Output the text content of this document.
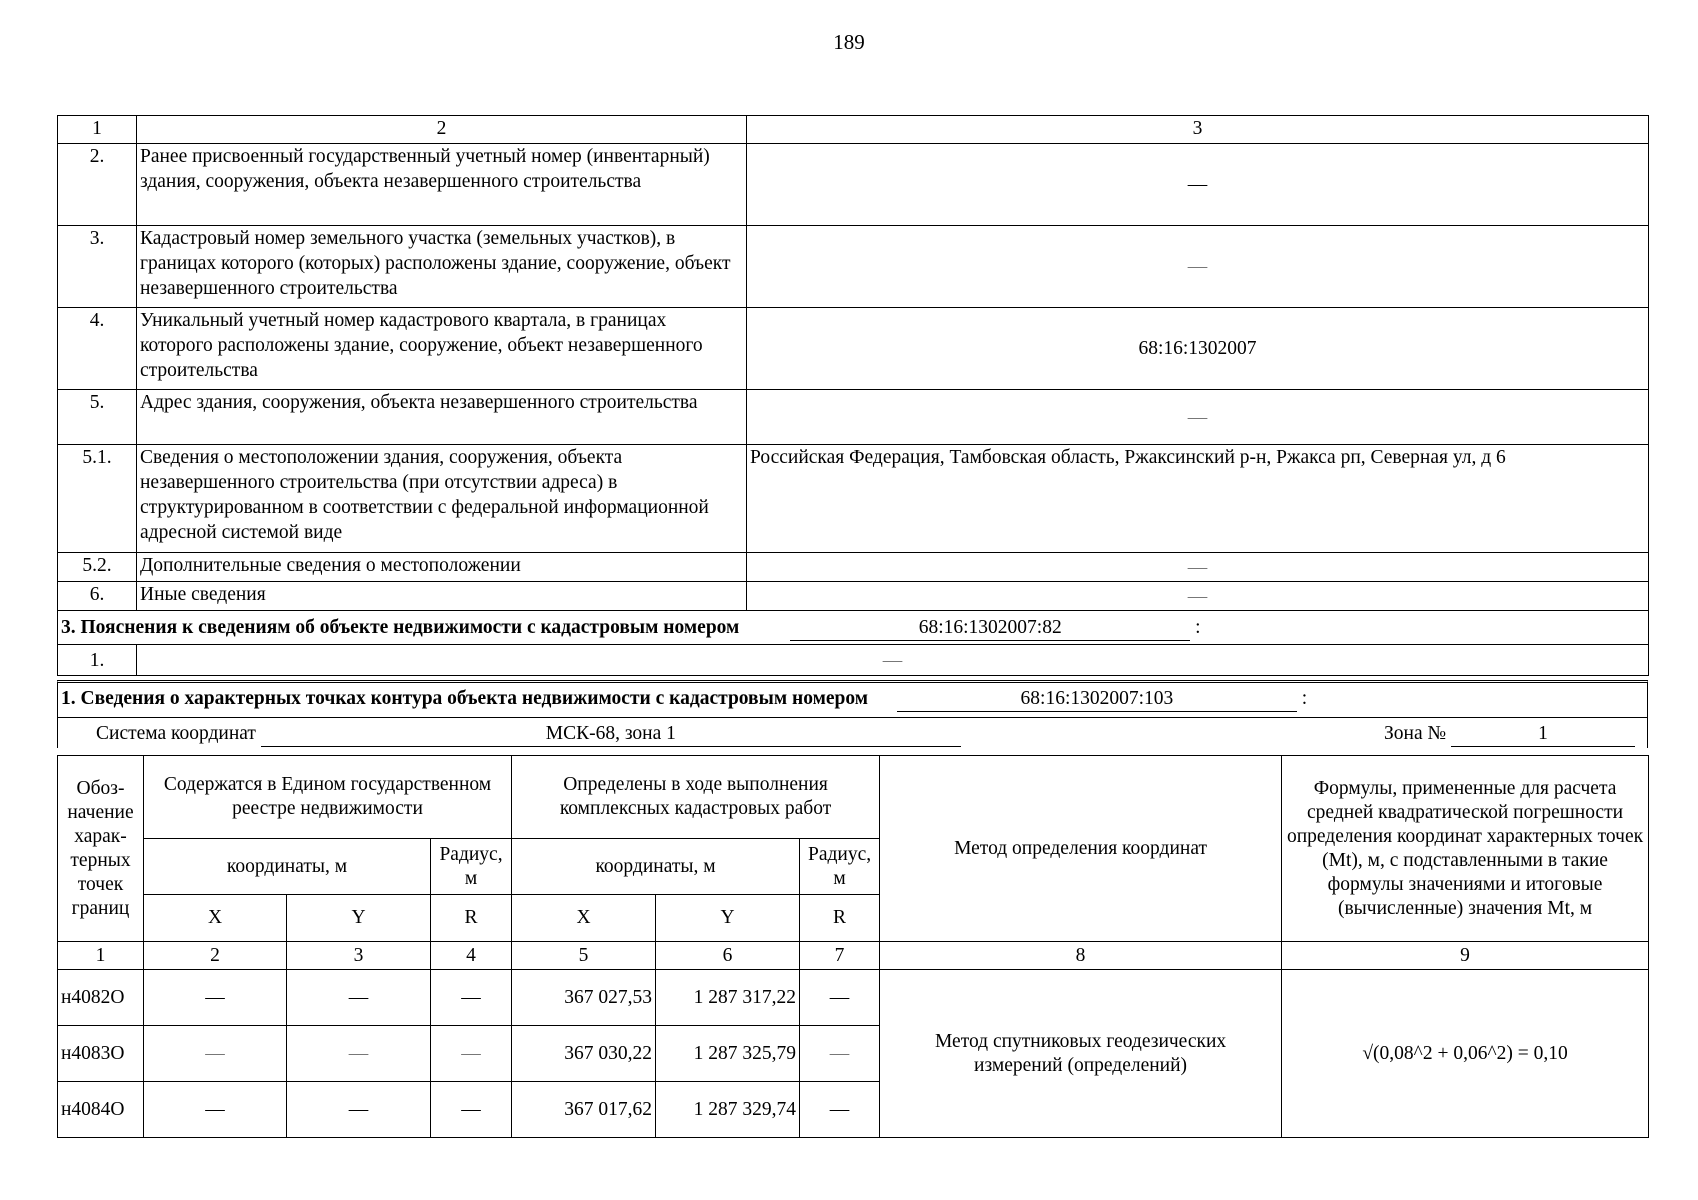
189
1	2	3
2.	Ранее присвоенный государственный учетный номер (инвентарный) здания, сооружения, объекта незавершенного строительства	—
3.	Кадастровый номер земельного участка (земельных участков), в границах которого (которых) расположены здание, сооружение, объект незавершенного строительства	—
4.	Уникальный учетный номер кадастрового квартала, в границах которого расположены здание, сооружение, объект незавершенного строительства	68:16:1302007
5.	Адрес здания, сооружения, объекта незавершенного строительства	—
5.1.	Сведения о местоположении здания, сооружения, объекта незавершенного строительства (при отсутствии адреса) в структурированном в соответствии с федеральной информационной адресной системой виде	Российская Федерация, Тамбовская область, Ржаксинский р-н, Ржакса рп, Северная ул, д 6
5.2.	Дополнительные сведения о местоположении	—
6.	Иные сведения	—
3. Пояснения к сведениям об объекте недвижимости с кадастровым номером 68:16:1302007:82 :		
1.	—	
1. Сведения о характерных точках контура объекта недвижимости с кадастровым номером	68:16:1302007:103	:
Система координат	МСК-68, зона 1	Зона №	1
Обоз-начение харак-терных точек границ	Содержатся в Едином государственном реестре недвижимости			Определены в ходе выполнения комплексных кадастровых работ			Метод определения координат	Формулы, примененные для расчета средней квадратической погрешности определения координат характерных точек (Mt), м, с подставленными в такие формулы значениями и итоговые (вычисленные) значения Mt, м
	координаты, м		Радиус, м	координаты, м		Радиус, м		
	X	Y	R	X	Y	R		
1	2	3	4	5	6	7	8	9
н4082О	—	—	—	367 027,53	1 287 317,22	—	Метод спутниковых геодезических измерений (определений)	√(0,08^2 + 0,06^2) = 0,10
н4083О	—	—	—	367 030,22	1 287 325,79	—		
н4084О	—	—	—	367 017,62	1 287 329,74	—		
